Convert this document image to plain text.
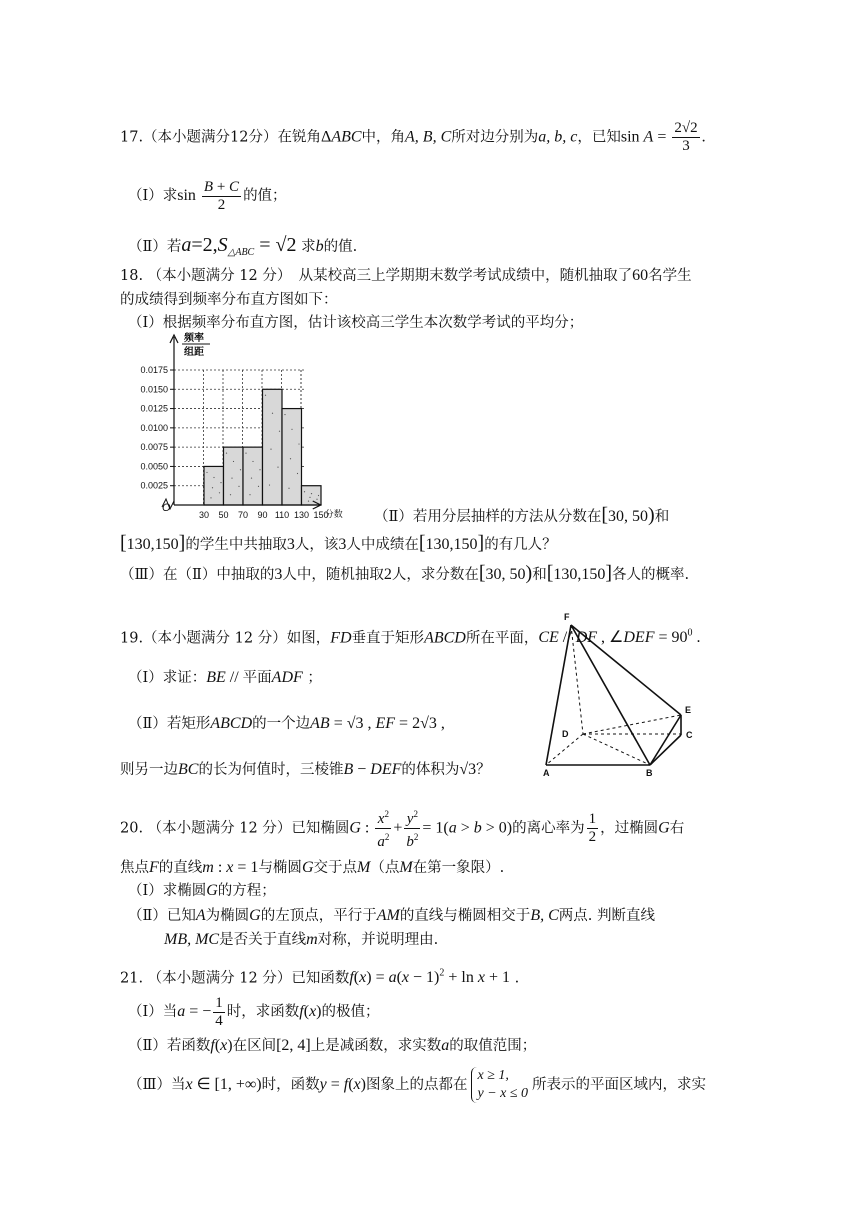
17.（本小题满分12分）在锐角ΔABC中，角A, B, C所对边分别为a, b, c，已知$\sin A = \frac{2√2}{3}$ .
（Ⅰ）求$\sin \frac{B + C}{2}$ 的值；
（Ⅱ）若$a=2,S_{\triangle ABC} = √2$ 求b的值.
18. （本小题满分 12 分）　从某校高三上学期期末数学考试成绩中，随机抽取了60名学生
的成绩得到频率分布直方图如下：
（Ⅰ）根据频率分布直方图，估计该校高三学生本次数学考试的平均分；
0.0025
0.0050
0.0075
0.0100
0.0125
0.0150
0.0175
30 50 70 90 110 130 150
分数
频率
组距
O
（Ⅱ）若用分层抽样的方法从分数在[30, 50)和
[130,150]的学生中共抽取3人，该3人中成绩在[130,150]的有几人？
（Ⅲ）在（Ⅱ）中抽取的3人中，随机抽取2人，求分数在[30, 50)和[130,150]各人的概率.
19.（本小题满分 12 分）如图，FD垂直于矩形ABCD所在平面，CE // DF , ∠DEF = $90^0$ .
（Ⅰ）求证：BE // 平面ADF ；
（Ⅱ）若矩形ABCD的一个边AB = √3 , EF = 2√3 ,
则另一边BC的长为何值时，三棱锥B − DEF的体积为√3？
F
E
D	C
A	B
20. （本小题满分 12 分）已知椭圆G : $\frac{x^2}{a^2} + \frac{y^2}{b^2} = 1(a > b > 0)$的离心率为 $\frac{1}{2}$ ，过椭圆G右
焦点F的直线m : x = 1与椭圆G交于点M（点M在第一象限）.
（Ⅰ）求椭圆G的方程；
（Ⅱ）已知A为椭圆G的左顶点，平行于AM的直线与椭圆相交于B, C两点. 判断直线
MB, MC是否关于直线m对称，并说明理由.
21. （本小题满分 12 分）已知函数$f(x) = a(x - 1)^2 + \ln x + 1$ .
（Ⅰ）当a = − $\frac{1}{4}$ 时，求函数f(x)的极值；
（Ⅱ）若函数f(x)在区间[2, 4]上是减函数，求实数a的取值范围；
（Ⅲ）当x ∈ [1, +∞)时，函数y = f(x)图象上的点都在x ≥ 1,
y − x ≤ 0所表示的平面区域内，求实
